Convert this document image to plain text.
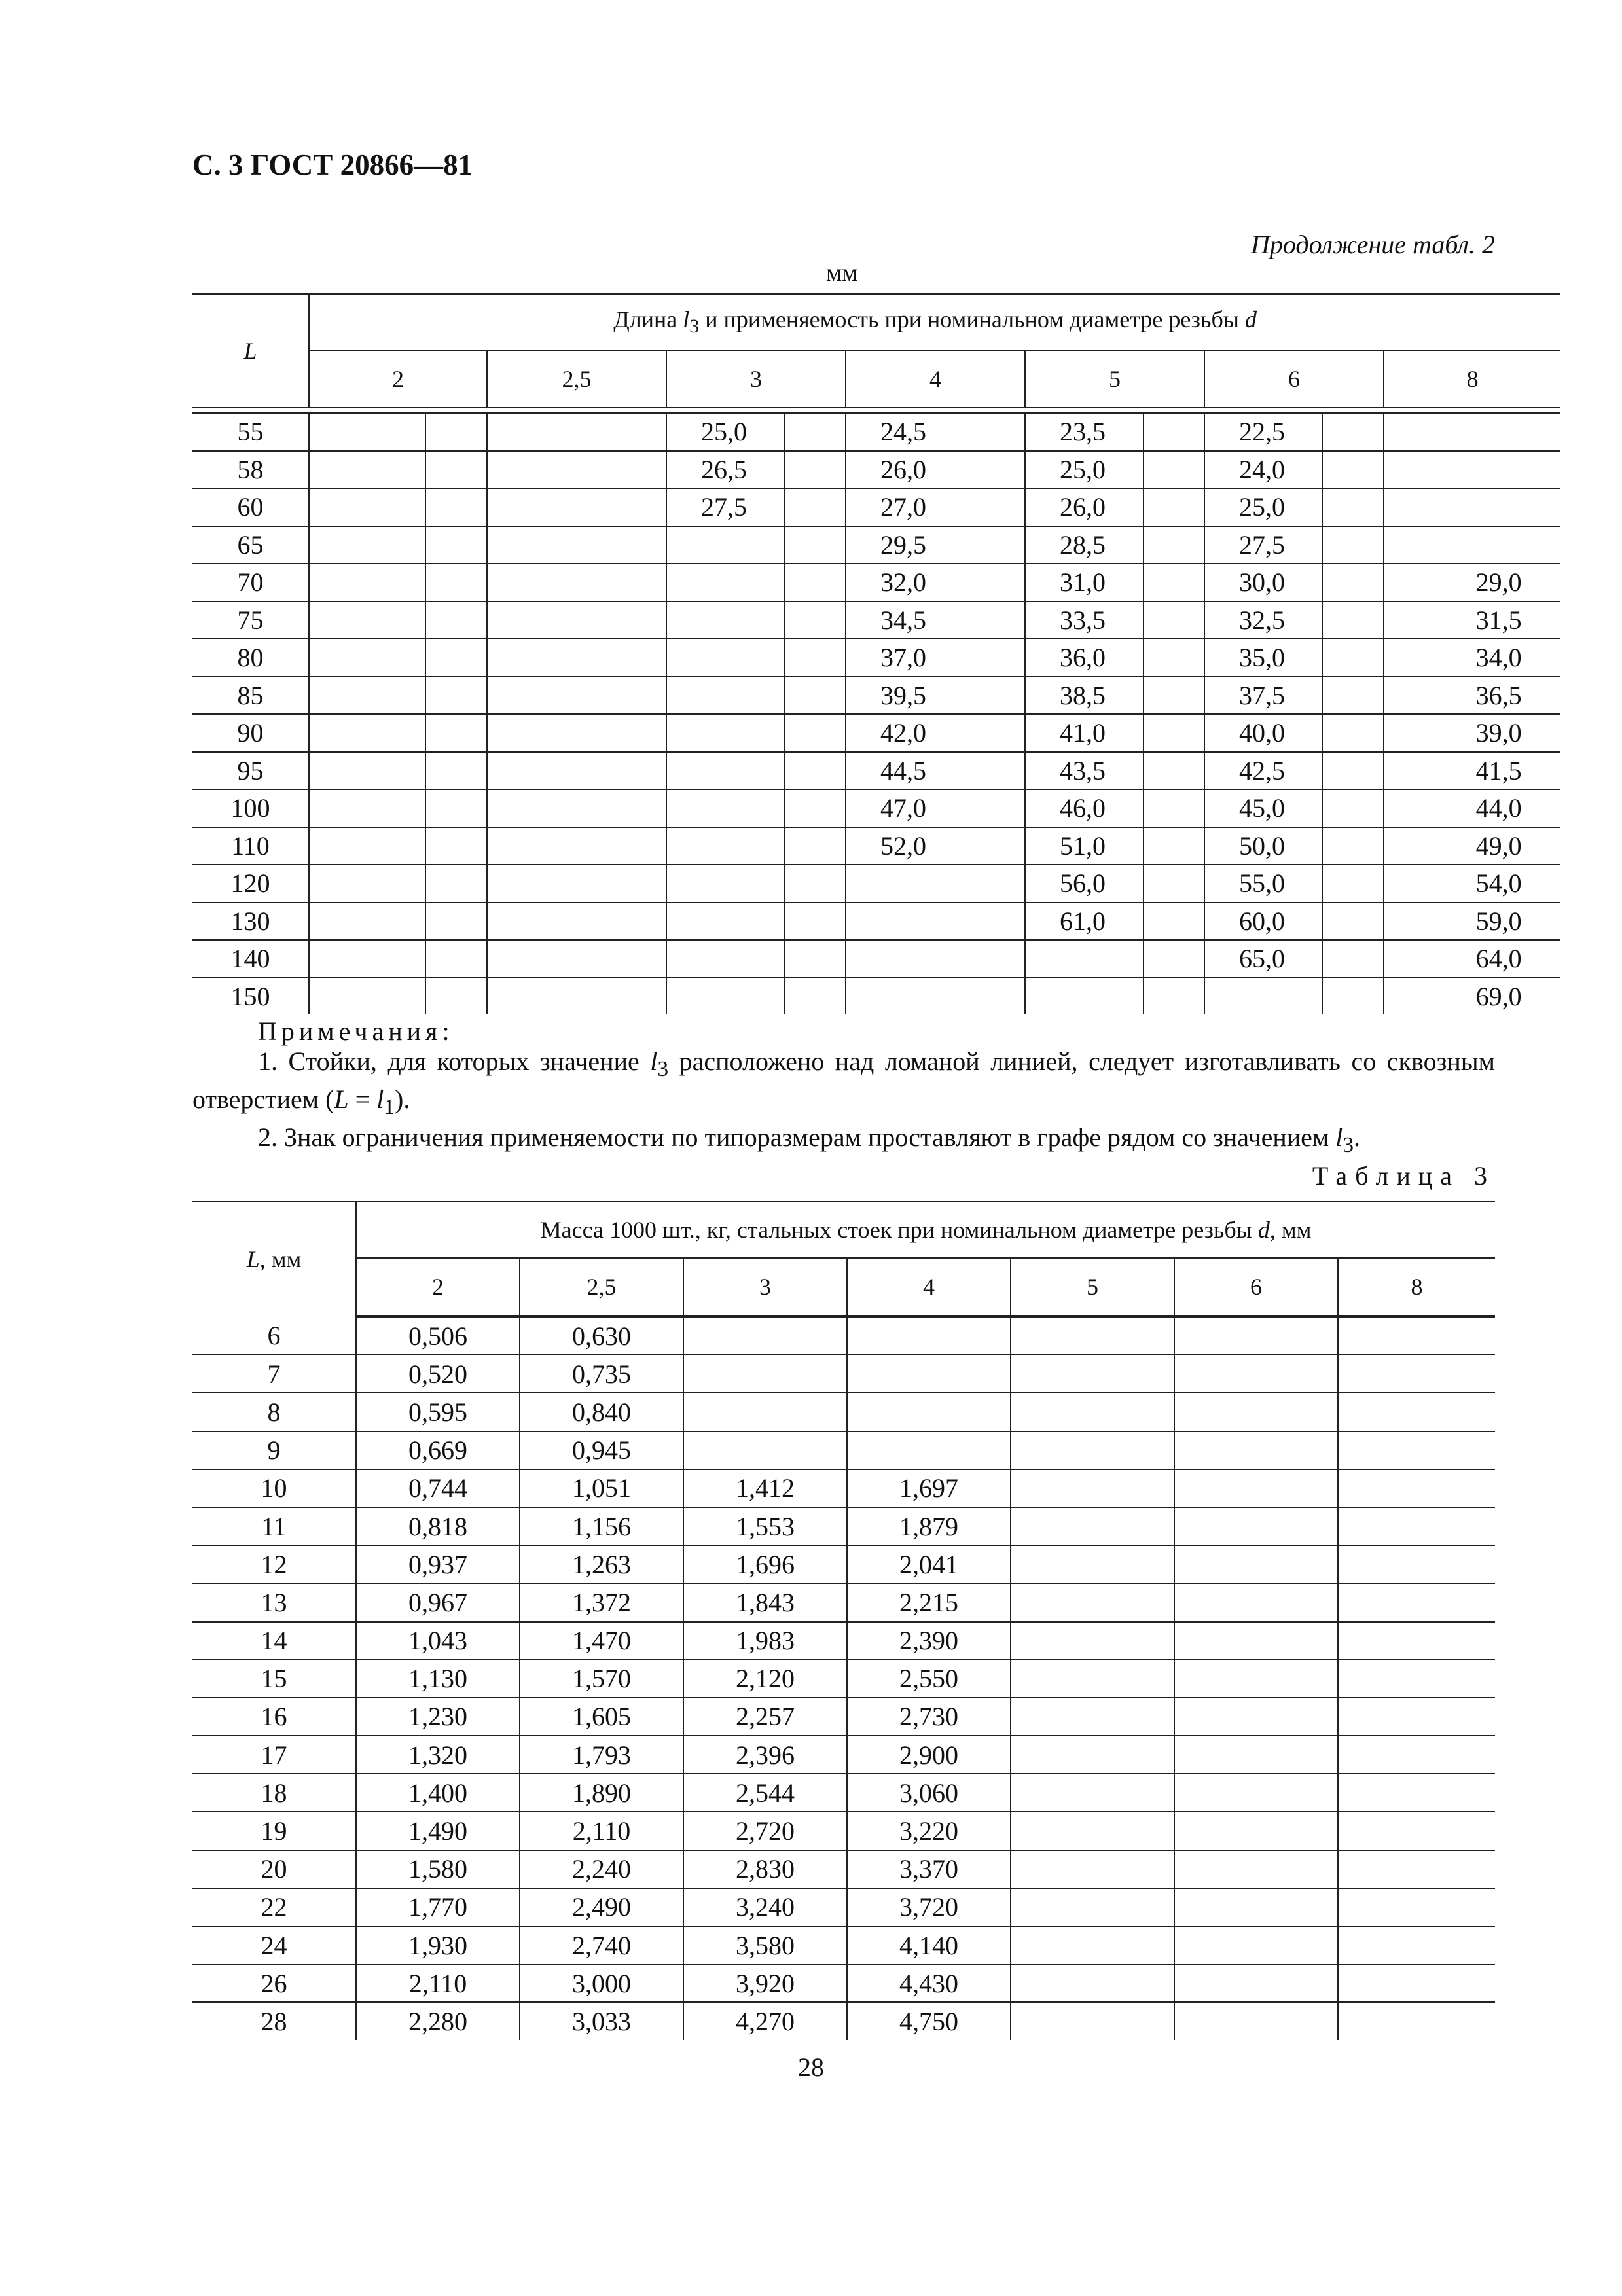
С. 3 ГОСТ 20866—81
Продолжение табл. 2
мм
L	Длина $l_3$ и применяемость при номинальном диаметре резьбы d												
	2		2,5		3		4		5		6		8

55					25,0		24,5		23,5		22,5		
58					26,5		26,0		25,0		24,0		
60					27,5		27,0		26,0		25,0		
65							29,5		28,5		27,5		
70							32,0		31,0		30,0		29,0
75							34,5		33,5		32,5		31,5
80							37,0		36,0		35,0		34,0
85							39,5		38,5		37,5		36,5
90							42,0		41,0		40,0		39,0
95							44,5		43,5		42,5		41,5
100							47,0		46,0		45,0		44,0
110							52,0		51,0		50,0		49,0
120									56,0		55,0		54,0
130									61,0		60,0		59,0
140											65,0		64,0
150													69,0
Примечания:
1. Стойки, для которых значение $l_3$ расположено над ломаной линией, следует изготавливать со сквозным отверстием $(L = l_1)$.
2. Знак ограничения применяемости по типоразмерам проставляют в графе рядом со значением $l_3$.
Таблица 3
L, мм	Масса 1000 шт., кг, стальных стоек при номинальном диаметре резьбы d, мм						
	2	2,5	3	4	5	6	8
6	0,506	0,630					
7	0,520	0,735					
8	0,595	0,840					
9	0,669	0,945					
10	0,744	1,051	1,412	1,697			
11	0,818	1,156	1,553	1,879			
12	0,937	1,263	1,696	2,041			
13	0,967	1,372	1,843	2,215			
14	1,043	1,470	1,983	2,390			
15	1,130	1,570	2,120	2,550			
16	1,230	1,605	2,257	2,730			
17	1,320	1,793	2,396	2,900			
18	1,400	1,890	2,544	3,060			
19	1,490	2,110	2,720	3,220			
20	1,580	2,240	2,830	3,370			
22	1,770	2,490	3,240	3,720			
24	1,930	2,740	3,580	4,140			
26	2,110	3,000	3,920	4,430			
28	2,280	3,033	4,270	4,750			
28
